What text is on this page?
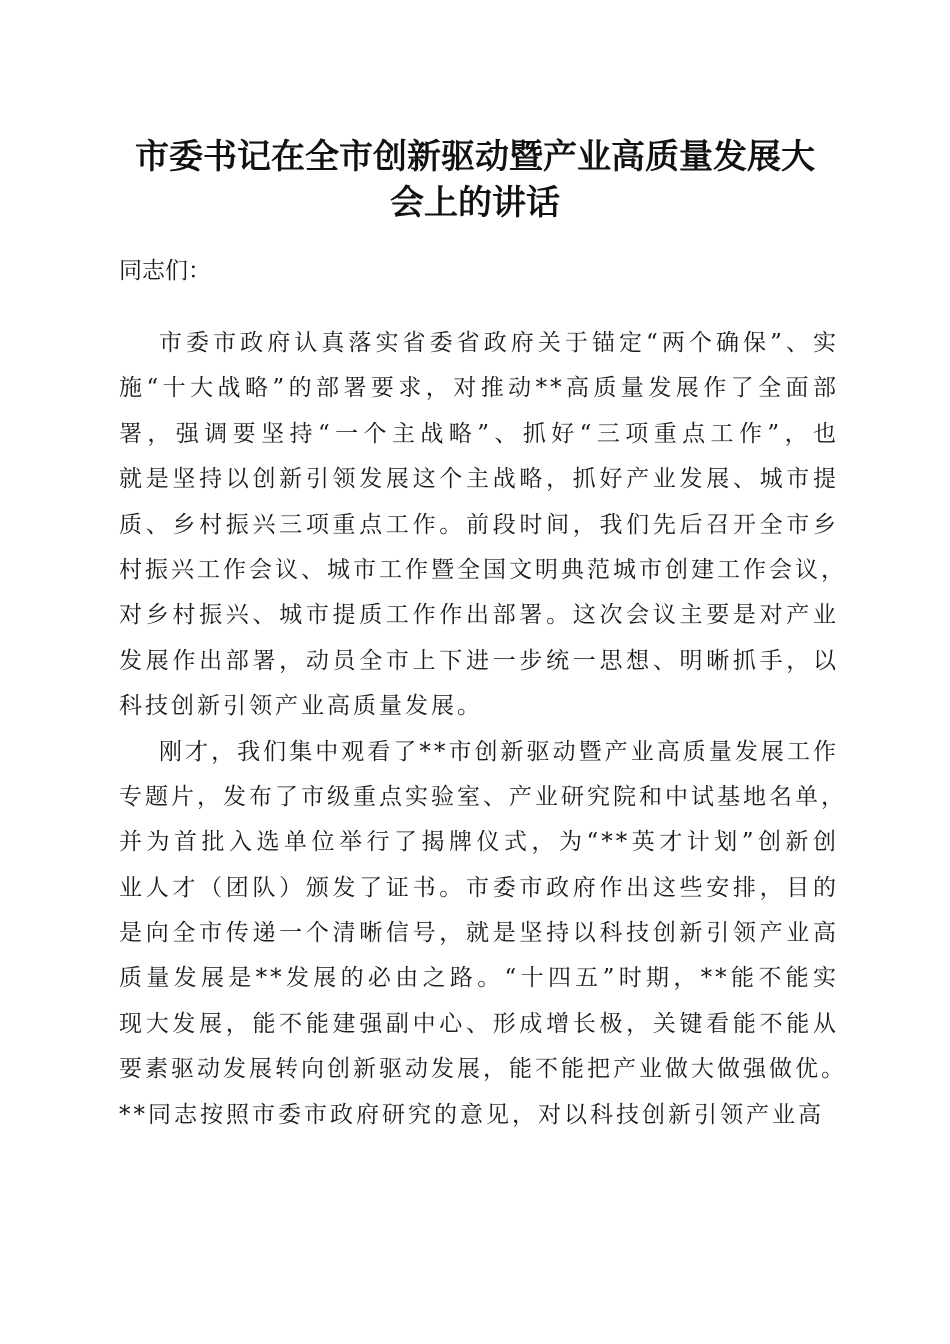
市委书记在全市创新驱动暨产业高质量发展大
会上的讲话

同志们：

市委市政府认真落实省委省政府关于锚定“两个确保”、实
施“十大战略”的部署要求，对推动**高质量发展作了全面部
署，强调要坚持“一个主战略”、抓好“三项重点工作”，也
就是坚持以创新引领发展这个主战略，抓好产业发展、城市提
质、乡村振兴三项重点工作。前段时间，我们先后召开全市乡
村振兴工作会议、城市工作暨全国文明典范城市创建工作会议，
对乡村振兴、城市提质工作作出部署。这次会议主要是对产业
发展作出部署，动员全市上下进一步统一思想、明晰抓手，以
科技创新引领产业高质量发展。
刚才，我们集中观看了**市创新驱动暨产业高质量发展工作
专题片，发布了市级重点实验室、产业研究院和中试基地名单，
并为首批入选单位举行了揭牌仪式，为“**英才计划”创新创
业人才（团队）颁发了证书。市委市政府作出这些安排，目的
是向全市传递一个清晰信号，就是坚持以科技创新引领产业高
质量发展是**发展的必由之路。“十四五”时期，**能不能实
现大发展，能不能建强副中心、形成增长极，关键看能不能从
要素驱动发展转向创新驱动发展，能不能把产业做大做强做优。
**同志按照市委市政府研究的意见，对以科技创新引领产业高
